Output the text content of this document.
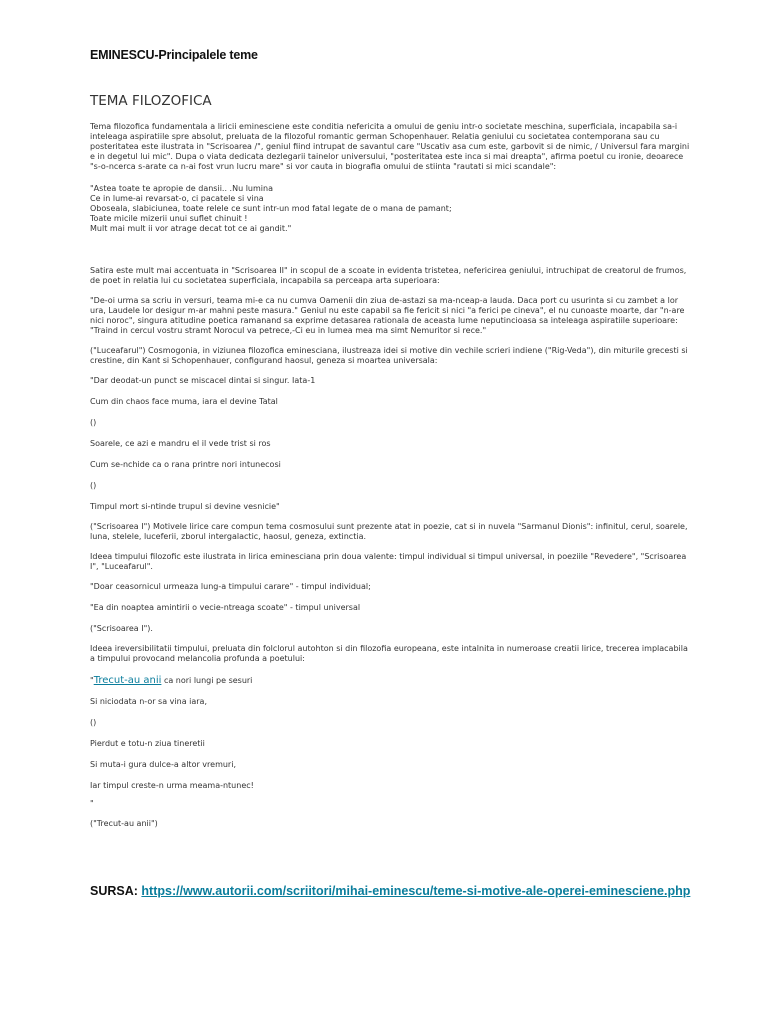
EMINESCU-Principalele teme
TEMA FILOZOFICA

Tema filozofica fundamentala a liricii eminesciene este conditia nefericita a omului de geniu intr-o societate meschina, superficiala, incapabila sa-i inteleaga aspiratiile spre absolut, preluata de la filozoful romantic german Schopenhauer. Relatia geniului cu societatea contemporana sau cu posteritatea este ilustrata in "Scrisoarea /", geniul fiind intrupat de savantul care "Uscativ asa cum este, garbovit si de nimic, / Universul fara margini e in degetul lui mic". Dupa o viata dedicata dezlegarii tainelor universului, "posteritatea este inca si mai dreapta", afirma poetul cu ironie, deoarece "s-o-ncerca s-arate ca n-ai fost vrun lucru mare" si vor cauta in biografia omului de stiinta "rautati si mici scandale":

"Astea toate te apropie de dansii.. .Nu lumina
Ce in lume-ai revarsat-o, ci pacatele si vina
Oboseala, slabiciunea, toate relele ce sunt intr-un mod fatal legate de o mana de pamant;
Toate micile mizerii unui suflet chinuit !
Mult mai mult ii vor atrage decat tot ce ai gandit."

Satira este mult mai accentuata in "Scrisoarea II" in scopul de a scoate in evidenta tristetea, nefericirea geniului, intruchipat de creatorul de frumos, de poet in relatia lui cu societatea superficiala, incapabila sa perceapa arta superioara:

"De-oi urma sa scriu in versuri, teama mi-e ca nu cumva Oamenii din ziua de-astazi sa ma-nceap-a lauda. Daca port cu usurinta si cu zambet a lor ura, Laudele lor desigur m-ar mahni peste masura." Geniul nu este capabil sa fie fericit si nici "a ferici pe cineva", el nu cunoaste moarte, dar "n-are nici noroc", singura atitudine poetica ramanand sa exprime detasarea rationala de aceasta lume neputincioasa sa inteleaga aspiratiile superioare: "Traind in cercul vostru stramt Norocul va petrece,-Ci eu in lumea mea ma simt Nemuritor si rece."

("Luceafarul") Cosmogonia, in viziunea filozofica eminesciana, ilustreaza idei si motive din vechile scrieri indiene ("Rig-Veda"), din miturile grecesti si crestine, din Kant si Schopenhauer, configurand haosul, geneza si moartea universala:

"Dar deodat-un punct se miscacel dintai si singur. Iata-1

Cum din chaos face muma, iara el devine Tatal

()

Soarele, ce azi e mandru el il vede trist si ros

Cum se-nchide ca o rana printre nori intunecosi

()

Timpul mort si-ntinde trupul si devine vesnicie"

("Scrisoarea I") Motivele lirice care compun tema cosmosului sunt prezente atat in poezie, cat si in nuvela "Sarmanul Dionis": infinitul, cerul, soarele, luna, stelele, luceferii, zborul intergalactic, haosul, geneza, extinctia.

Ideea timpului filozofic este ilustrata in lirica eminesciana prin doua valente: timpul individual si timpul universal, in poeziile "Revedere", "Scrisoarea I", "Luceafarul".

"Doar ceasornicul urmeaza lung-a timpului carare" - timpul individual;

"Ea din noaptea amintirii o vecie-ntreaga scoate" - timpul universal

("Scrisoarea I").

Ideea ireversibilitatii timpului, preluata din folclorul autohton si din filozofia europeana, este intalnita in numeroase creatii lirice, trecerea implacabila a timpului provocand melancolia profunda a poetului:

"Trecut-au anii ca nori lungi pe sesuri

Si niciodata n-or sa vina iara,

()

Pierdut e totu-n ziua tineretii

Si muta-i gura dulce-a altor vremuri,

Iar timpul creste-n urma meama-ntunec!

"

("Trecut-au anii")

SURSA: https://www.autorii.com/scriitori/mihai-eminescu/teme-si-motive-ale-operei-eminesciene.php
